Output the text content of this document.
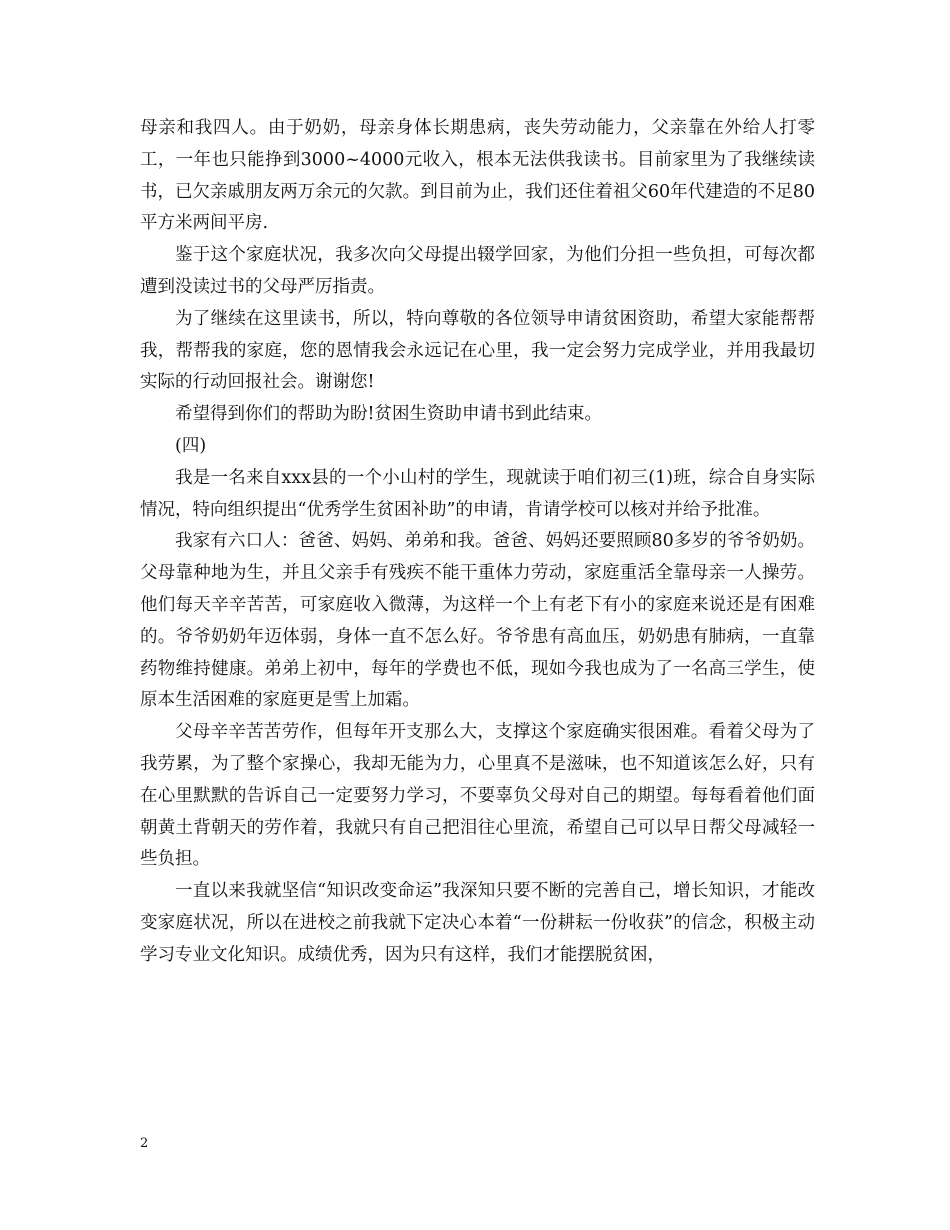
母亲和我四人。由于奶奶，母亲身体长期患病，丧失劳动能力，父亲靠在外给人打零工，一年也只能挣到3000~4000元收入，根本无法供我读书。目前家里为了我继续读书，已欠亲戚朋友两万余元的欠款。到目前为止，我们还住着祖父60年代建造的不足80平方米两间平房.

鉴于这个家庭状况，我多次向父母提出辍学回家，为他们分担一些负担，可每次都遭到没读过书的父母严厉指责。

为了继续在这里读书，所以，特向尊敬的各位领导申请贫困资助，希望大家能帮帮我，帮帮我的家庭，您的恩情我会永远记在心里，我一定会努力完成学业，并用我最切实际的行动回报社会。谢谢您!

希望得到你们的帮助为盼!贫困生资助申请书到此结束。

(四)

我是一名来自xxx县的一个小山村的学生，现就读于咱们初三(1)班，综合自身实际情况，特向组织提出“优秀学生贫困补助”的申请，肯请学校可以核对并给予批准。

我家有六口人：爸爸、妈妈、弟弟和我。爸爸、妈妈还要照顾80多岁的爷爷奶奶。父母靠种地为生，并且父亲手有残疾不能干重体力劳动，家庭重活全靠母亲一人操劳。他们每天辛辛苦苦，可家庭收入微薄，为这样一个上有老下有小的家庭来说还是有困难的。爷爷奶奶年迈体弱，身体一直不怎么好。爷爷患有高血压，奶奶患有肺病，一直靠药物维持健康。弟弟上初中，每年的学费也不低，现如今我也成为了一名高三学生，使原本生活困难的家庭更是雪上加霜。

父母辛辛苦苦劳作，但每年开支那么大，支撑这个家庭确实很困难。看着父母为了我劳累，为了整个家操心，我却无能为力，心里真不是滋味，也不知道该怎么好，只有在心里默默的告诉自己一定要努力学习，不要辜负父母对自己的期望。每每看着他们面朝黄土背朝天的劳作着，我就只有自己把泪往心里流，希望自己可以早日帮父母减轻一些负担。

一直以来我就坚信“知识改变命运”我深知只要不断的完善自己，增长知识，才能改变家庭状况，所以在进校之前我就下定决心本着“一份耕耘一份收获”的信念，积极主动学习专业文化知识。成绩优秀，因为只有这样，我们才能摆脱贫困，

2
